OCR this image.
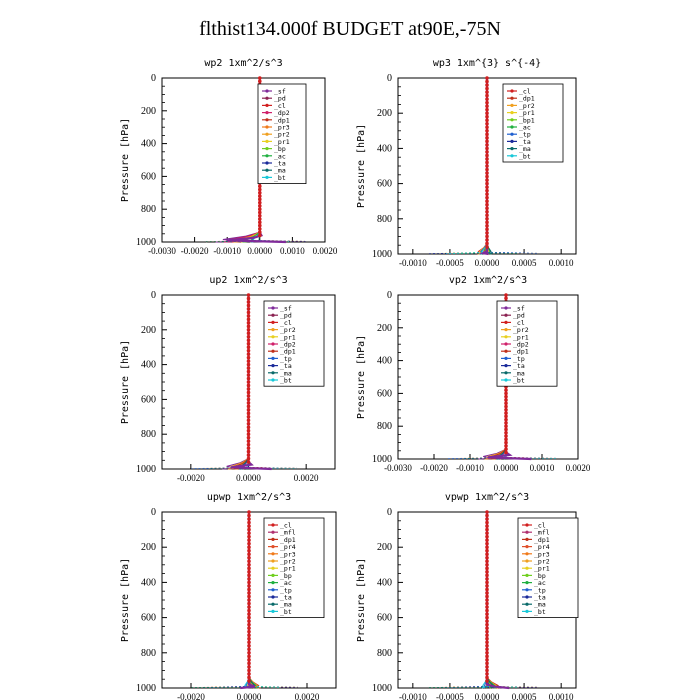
flthist134.000f BUDGET at90E,-75N
wp2 1xm^2/s^3
Pressure [hPa]
0
200
400
600
800
1000
-0.0030 -0.0020 -0.0010 0.0000 0.0010 0.0020
_sf
_pd
_cl
_dp2
_dp1
_pr3
_pr2
_pr1
_bp
_ac
_ta
_ma
_bt
wp3 1xm^{3} s^{-4}
Pressure [hPa]
0
200
400
600
800
1000
-0.0010 -0.0005 0.0000 0.0005 0.0010
_cl
_dp1
_pr2
_pr1
_bp1
_ac
_tp
_ta
_ma
_bt
up2 1xm^2/s^3
Pressure [hPa]
0
200
400
600
800
1000
-0.0020	0.0000	0.0020
_sf
_pd
_cl
_pr2
_pr1
_dp2
_dp1
_tp
_ta
_ma
_bt
vp2 1xm^2/s^3
Pressure [hPa]
0
200
400
600
800
1000
-0.0030 -0.0020 -0.0010 0.0000 0.0010 0.0020
_sf
_pd
_cl
_pr2
_pr1
_dp2
_dp1
_tp
_ta
_ma
_bt
upwp 1xm^2/s^3
Pressure [hPa]
0
200
400
600
800
1000
-0.0020	0.0000	0.0020
_cl
_mfl
_dp1
_pr4
_pr3
_pr2
_pr1
_bp
_ac
_tp
_ta
_ma
_bt
vpwp 1xm^2/s^3
Pressure [hPa]
0
200
400
600
800
1000
-0.0010 -0.0005 0.0000 0.0005 0.0010
_cl
_mfl
_dp1
_pr4
_pr3
_pr2
_pr1
_bp
_ac
_tp
_ta
_ma
_bt
